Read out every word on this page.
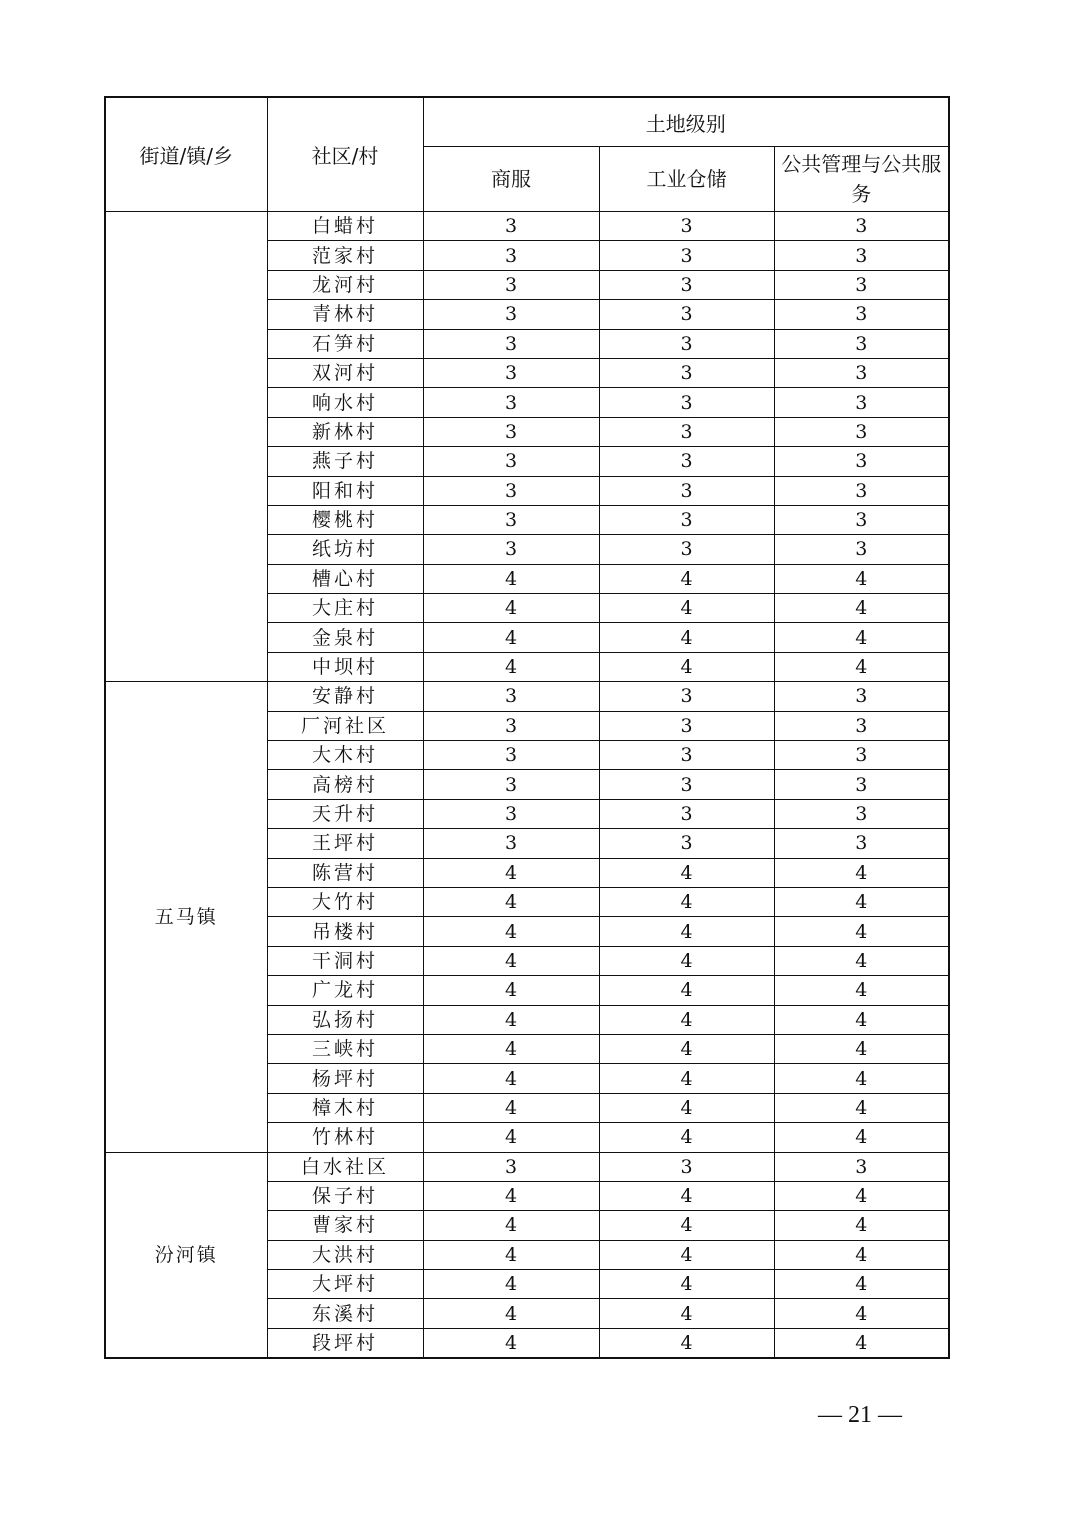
街道/镇/乡	社区/村	土地级别		
		商服	工业仓储	公共管理与公共服务
	白蜡村	3	3	3
	范家村	3	3	3
	龙河村	3	3	3
	青林村	3	3	3
	石笋村	3	3	3
	双河村	3	3	3
	响水村	3	3	3
	新林村	3	3	3
	燕子村	3	3	3
	阳和村	3	3	3
	樱桃村	3	3	3
	纸坊村	3	3	3
	槽心村	4	4	4
	大庄村	4	4	4
	金泉村	4	4	4
	中坝村	4	4	4
五马镇	安静村	3	3	3
	厂河社区	3	3	3
	大木村	3	3	3
	高榜村	3	3	3
	天升村	3	3	3
	王坪村	3	3	3
	陈营村	4	4	4
	大竹村	4	4	4
	吊楼村	4	4	4
	干洞村	4	4	4
	广龙村	4	4	4
	弘扬村	4	4	4
	三峡村	4	4	4
	杨坪村	4	4	4
	樟木村	4	4	4
	竹林村	4	4	4
汾河镇	白水社区	3	3	3
	保子村	4	4	4
	曹家村	4	4	4
	大洪村	4	4	4
	大坪村	4	4	4
	东溪村	4	4	4
	段坪村	4	4	4
— 21 —
